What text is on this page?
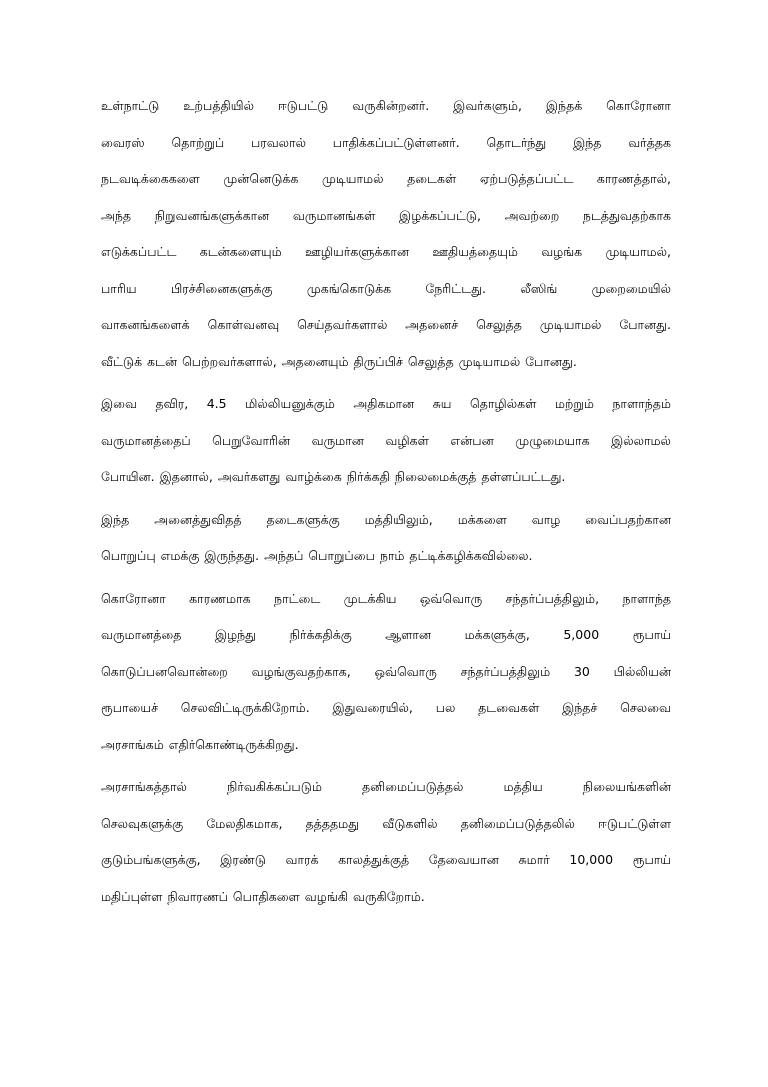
உள்நாட்டு உற்பத்தியில் ஈடுபட்டு வருகின்றனர். இவர்களும், இந்தக் கொரோனா
வைரஸ் தொற்றுப் பரவலால் பாதிக்கப்பட்டுள்ளனர். தொடர்ந்து இந்த வர்த்தக
நடவடிக்கைகளை முன்னெடுக்க முடியாமல் தடைகள் ஏற்படுத்தப்பட்ட காரணத்தால்,
அந்த நிறுவனங்களுக்கான வருமானங்கள் இழக்கப்பட்டு, அவற்றை நடத்துவதற்காக
எடுக்கப்பட்ட கடன்களையும் ஊழியர்களுக்கான ஊதியத்தையும் வழங்க முடியாமல்,
பாரிய	பிரச்சினைகளுக்கு	முகங்கொடுக்க	நேரிட்டது.	லீஸிங்	முறைமையில்
வாகனங்களைக் கொள்வனவு செய்தவர்களால் அதனைச் செலுத்த முடியாமல் போனது.
வீட்டுக் கடன் பெற்றவர்களால், அதனையும் திருப்பிச் செலுத்த முடியாமல் போனது.
இவை தவிர, 4.5 மில்லியனுக்கும் அதிகமான சுய தொழில்கள் மற்றும் நாளாந்தம்
வருமானத்தைப் பெறுவோரின் வருமான வழிகள் என்பன முழுமையாக இல்லாமல்
போயின. இதனால், அவர்களது வாழ்க்கை நிர்க்கதி நிலைமைக்குத் தள்ளப்பட்டது.
இந்த அனைத்துவிதத் தடைகளுக்கு மத்தியிலும், மக்களை வாழ வைப்பதற்கான
பொறுப்பு எமக்கு இருந்தது. அந்தப் பொறுப்பை நாம் தட்டிக்கழிக்கவில்லை.
கொரோனா காரணமாக நாட்டை முடக்கிய ஒவ்வொரு சந்தர்ப்பத்திலும், நாளாந்த
வருமானத்தை	இழந்து	நிர்க்கதிக்கு	ஆளான	மக்களுக்கு,	5,000	ரூபாய்
கொடுப்பனவொன்றை வழங்குவதற்காக, ஒவ்வொரு சந்தர்ப்பத்திலும் 30 பில்லியன்
ரூபாயைச் செலவிட்டிருக்கிறோம். இதுவரையில், பல தடவைகள் இந்தச் செலவை
அரசாங்கம் எதிர்கொண்டிருக்கிறது.
அரசாங்கத்தால்	நிர்வகிக்கப்படும்	தனிமைப்படுத்தல்	மத்திய	நிலையங்களின்
செலவுகளுக்கு மேலதிகமாக, தத்ததமது வீடுகளில் தனிமைப்படுத்தலில் ஈடுபட்டுள்ள
குடும்பங்களுக்கு, இரண்டு வாரக் காலத்துக்குத் தேவையான சுமார் 10,000 ரூபாய்
மதிப்புள்ள நிவாரணப் பொதிகளை வழங்கி வருகிறோம்.
